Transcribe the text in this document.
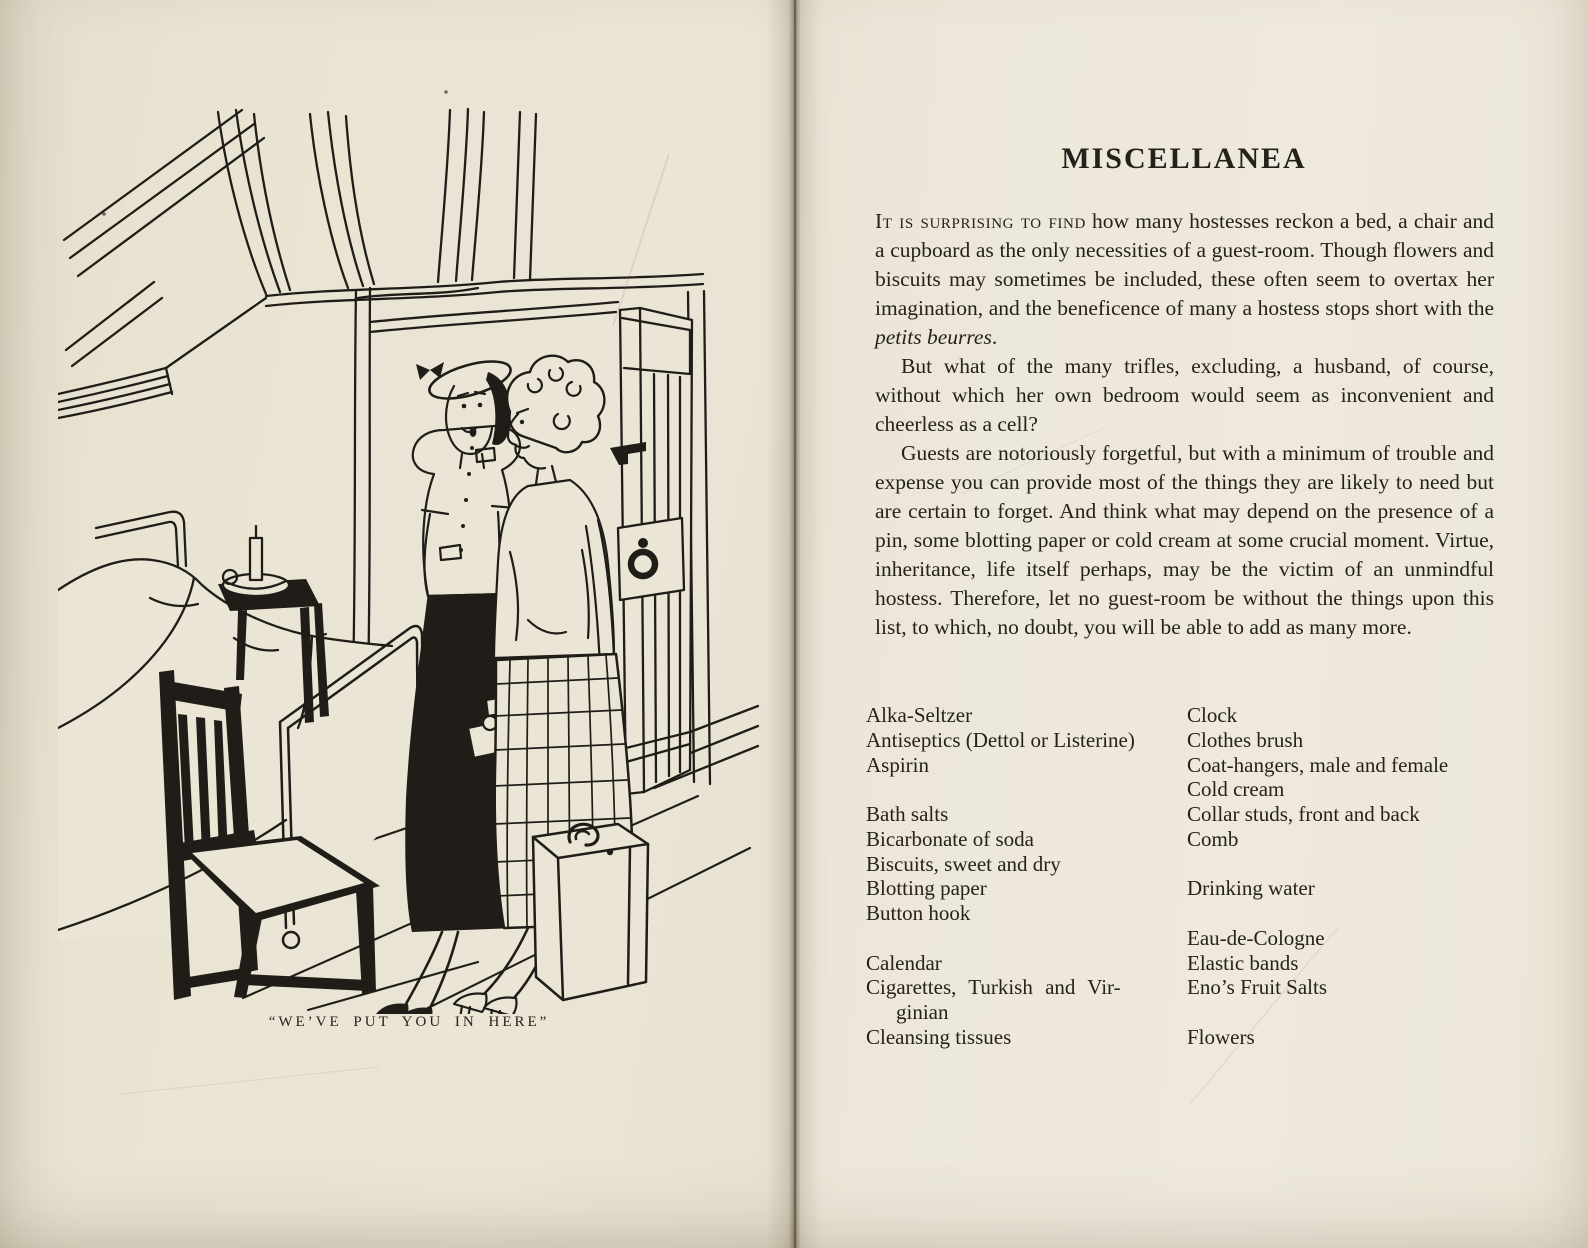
“WE’VE PUT YOU IN HERE”
MISCELLANEA

It is surprising to find how many hostesses reckon a bed, a chair and a cupboard as the only necessities of a guest-room. Though flowers and biscuits may sometimes be included, these often seem to overtax her imagination, and the beneficence of many a hostess stops short with the petits beurres.

But what of the many trifles, excluding, a husband, of course, without which her own bedroom would seem as inconvenient and cheerless as a cell?

Guests are notoriously forgetful, but with a minimum of trouble and expense you can provide most of the things they are likely to need but are certain to forget. And think what may depend on the presence of a pin, some blotting paper or cold cream at some crucial moment. Virtue, inheritance, life itself perhaps, may be the victim of an unmindful hostess. Therefore, let no guest-room be without the things upon this list, to which, no doubt, you will be able to add as many more.

Alka-Seltzer
Antiseptics (Dettol or Listerine)
Aspirin
Bath salts
Bicarbonate of soda
Biscuits, sweet and dry
Blotting paper
Button hook
Calendar
Cigarettes, Turkish and Vir-
ginian
Cleansing tissues
Clock
Clothes brush
Coat-hangers, male and female
Cold cream
Collar studs, front and back
Comb
Drinking water
Eau-de-Cologne
Elastic bands
Eno’s Fruit Salts
Flowers
